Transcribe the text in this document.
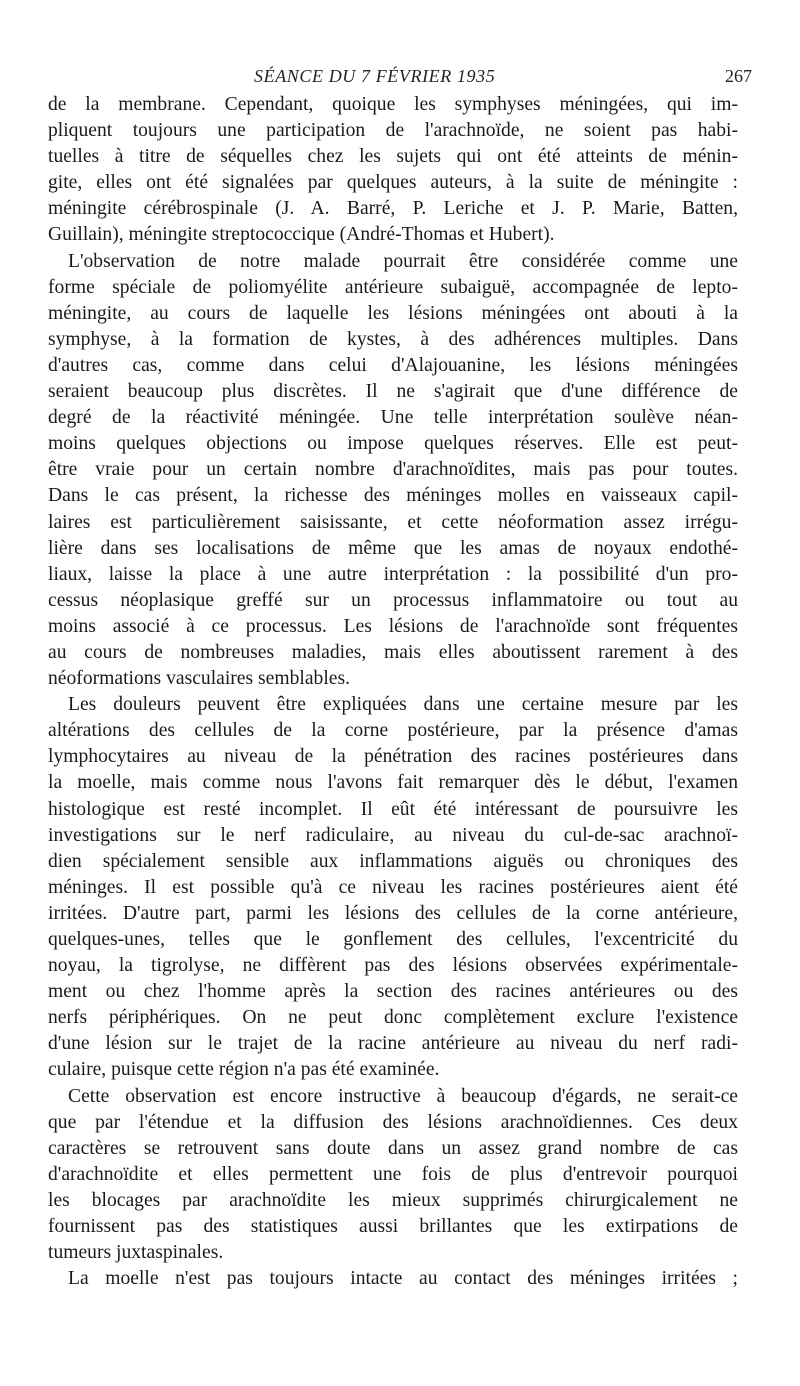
SÉANCE DU 7 FÉVRIER 1935	267
de la membrane. Cependant, quoique les symphyses méningées, qui im-
pliquent toujours une participation de l'arachnoïde, ne soient pas habi-
tuelles à titre de séquelles chez les sujets qui ont été atteints de ménin-
gite, elles ont été signalées par quelques auteurs, à la suite de méningite :
méningite cérébrospinale (J. A. Barré, P. Leriche et J. P. Marie, Batten,
Guillain), méningite streptococcique (André-Thomas et Hubert).
L'observation de notre malade pourrait être considérée comme une
forme spéciale de poliomyélite antérieure subaiguë, accompagnée de lepto-
méningite, au cours de laquelle les lésions méningées ont abouti à la
symphyse, à la formation de kystes, à des adhérences multiples. Dans
d'autres cas, comme dans celui d'Alajouanine, les lésions méningées
seraient beaucoup plus discrètes. Il ne s'agirait que d'une différence de
degré de la réactivité méningée. Une telle interprétation soulève néan-
moins quelques objections ou impose quelques réserves. Elle est peut-
être vraie pour un certain nombre d'arachnoïdites, mais pas pour toutes.
Dans le cas présent, la richesse des méninges molles en vaisseaux capil-
laires est particulièrement saisissante, et cette néoformation assez irrégu-
lière dans ses localisations de même que les amas de noyaux endothé-
liaux, laisse la place à une autre interprétation : la possibilité d'un pro-
cessus néoplasique greffé sur un processus inflammatoire ou tout au
moins associé à ce processus. Les lésions de l'arachnoïde sont fréquentes
au cours de nombreuses maladies, mais elles aboutissent rarement à des
néoformations vasculaires semblables.
Les douleurs peuvent être expliquées dans une certaine mesure par les
altérations des cellules de la corne postérieure, par la présence d'amas
lymphocytaires au niveau de la pénétration des racines postérieures dans
la moelle, mais comme nous l'avons fait remarquer dès le début, l'examen
histologique est resté incomplet. Il eût été intéressant de poursuivre les
investigations sur le nerf radiculaire, au niveau du cul-de-sac arachnoï-
dien spécialement sensible aux inflammations aiguës ou chroniques des
méninges. Il est possible qu'à ce niveau les racines postérieures aient été
irritées. D'autre part, parmi les lésions des cellules de la corne antérieure,
quelques-unes, telles que le gonflement des cellules, l'excentricité du
noyau, la tigrolyse, ne diffèrent pas des lésions observées expérimentale-
ment ou chez l'homme après la section des racines antérieures ou des
nerfs périphériques. On ne peut donc complètement exclure l'existence
d'une lésion sur le trajet de la racine antérieure au niveau du nerf radi-
culaire, puisque cette région n'a pas été examinée.
Cette observation est encore instructive à beaucoup d'égards, ne serait-ce
que par l'étendue et la diffusion des lésions arachnoïdiennes. Ces deux
caractères se retrouvent sans doute dans un assez grand nombre de cas
d'arachnoïdite et elles permettent une fois de plus d'entrevoir pourquoi
les blocages par arachnoïdite les mieux supprimés chirurgicalement ne
fournissent pas des statistiques aussi brillantes que les extirpations de
tumeurs juxtaspinales.
La moelle n'est pas toujours intacte au contact des méninges irritées ;
